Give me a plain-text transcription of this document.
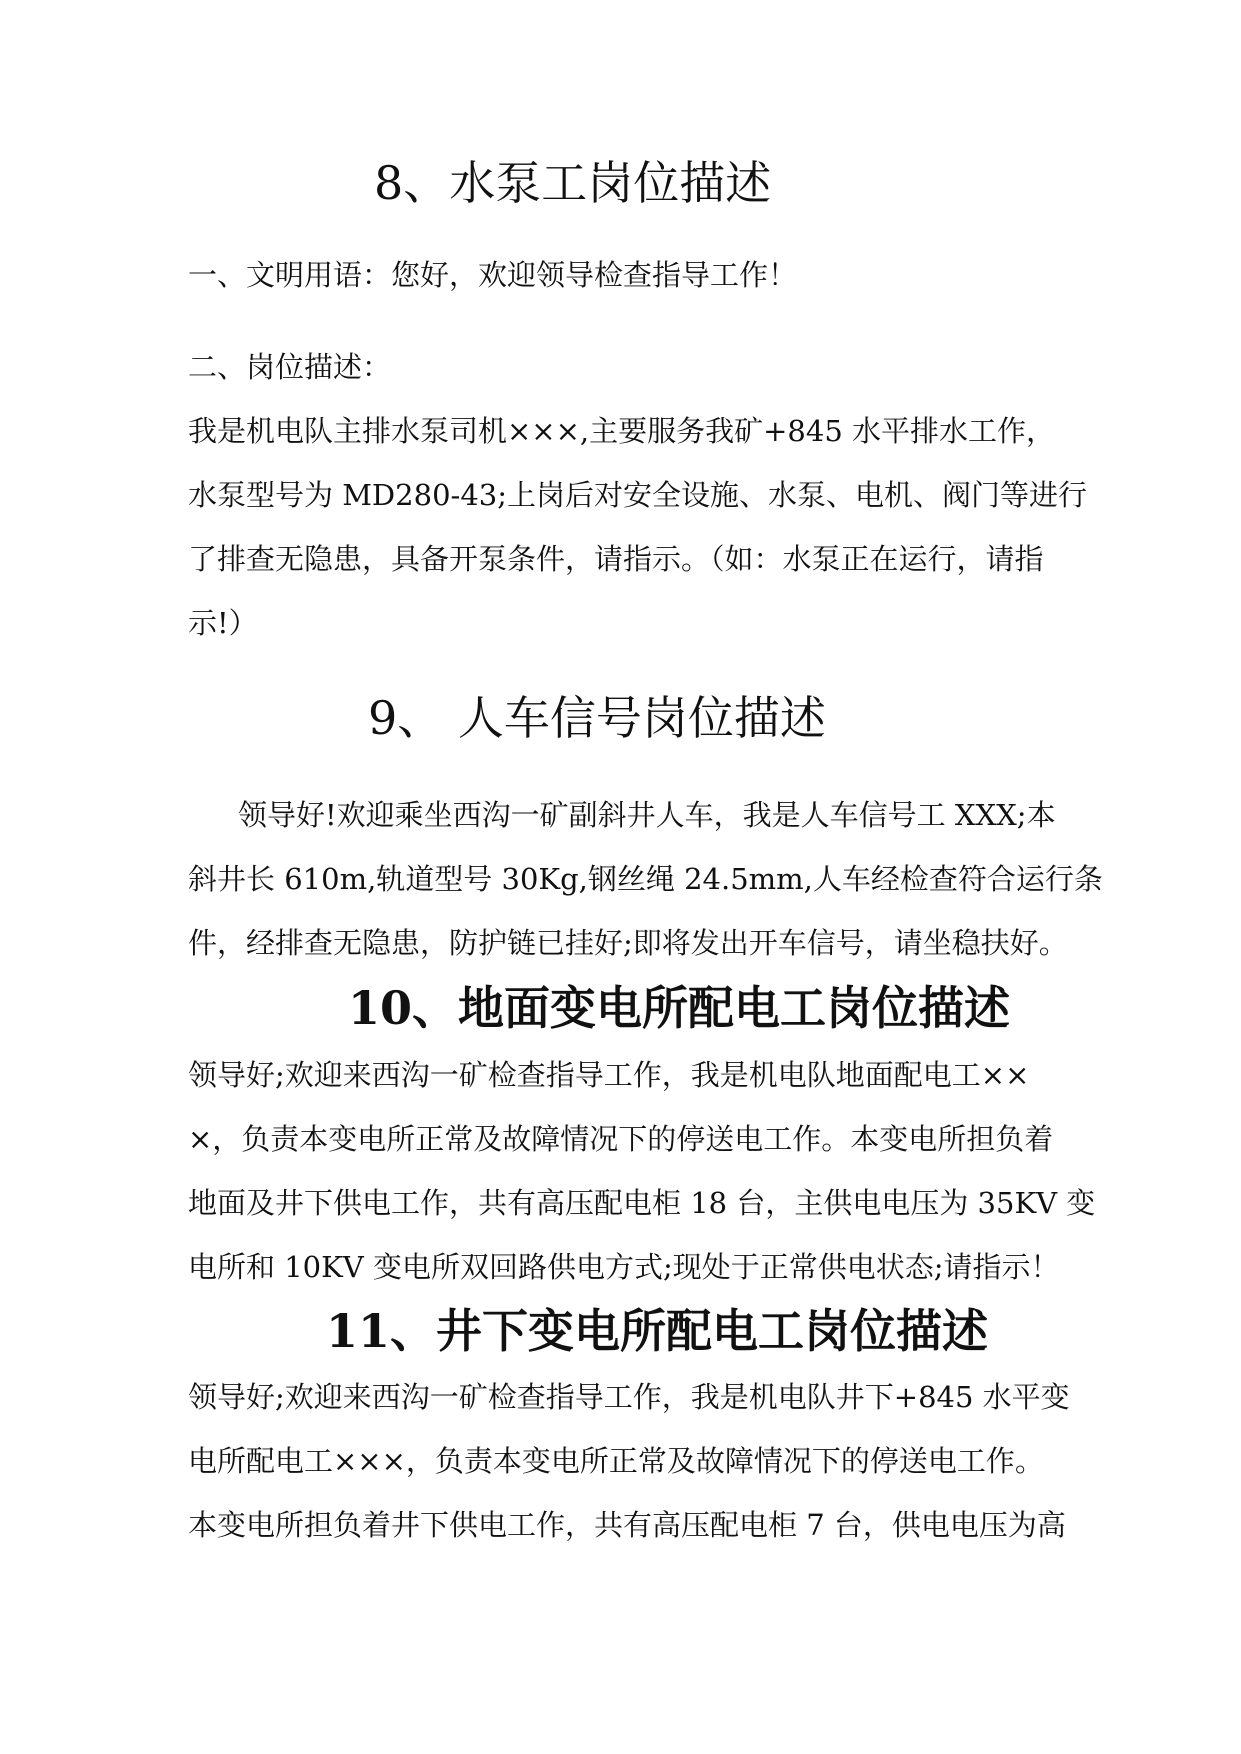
8、水泵工岗位描述

一、文明用语：您好，欢迎领导检查指导工作！

二、岗位描述：

我是机电队主排水泵司机×××,主要服务我矿+845 水平排水工作，

水泵型号为 MD280-43;上岗后对安全设施、水泵、电机、阀门等进行

了排查无隐患，具备开泵条件，请指示。（如：水泵正在运行，请指

示!）

9、 人车信号岗位描述

领导好!欢迎乘坐西沟一矿副斜井人车，我是人车信号工 XXX;本

斜井长 610m,轨道型号 30Kg,钢丝绳 24.5mm,人车经检查符合运行条

件，经排查无隐患，防护链已挂好;即将发出开车信号，请坐稳扶好。

10、地面变电所配电工岗位描述

领导好;欢迎来西沟一矿检查指导工作，我是机电队地面配电工××

×，负责本变电所正常及故障情况下的停送电工作。本变电所担负着

地面及井下供电工作，共有高压配电柜 18 台，主供电电压为 35KV 变

电所和 10KV 变电所双回路供电方式;现处于正常供电状态;请指示！

11、井下变电所配电工岗位描述

领导好;欢迎来西沟一矿检查指导工作，我是机电队井下+845 水平变

电所配电工×××，负责本变电所正常及故障情况下的停送电工作。

本变电所担负着井下供电工作，共有高压配电柜 7 台，供电电压为高
